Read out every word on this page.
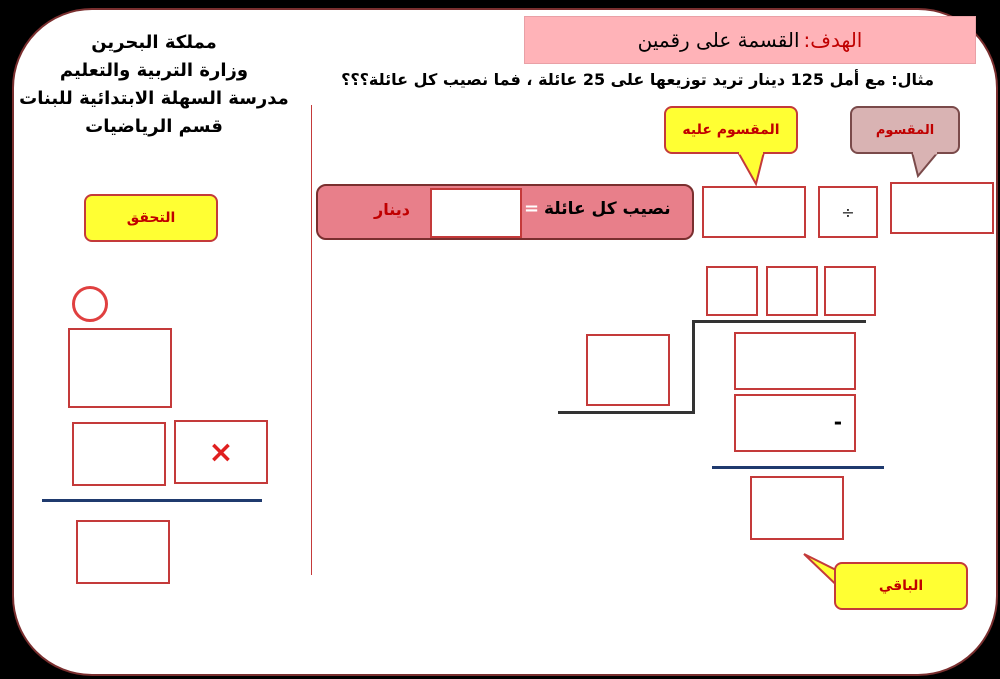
مملكة البحرين
وزارة التربية والتعليم
مدرسة السهلة الابتدائية للبنات
قسم الرياضيات
الهدف:
القسمة على رقمين
مثال: مع أمل 125 دينار تريد توزيعها على 25 عائلة ، فما نصيب كل عائلة؟؟؟
المقسوم عليه	المقسوم
دينار	= نصيب كل عائلة	÷
-
الباقي
التحقق
×
